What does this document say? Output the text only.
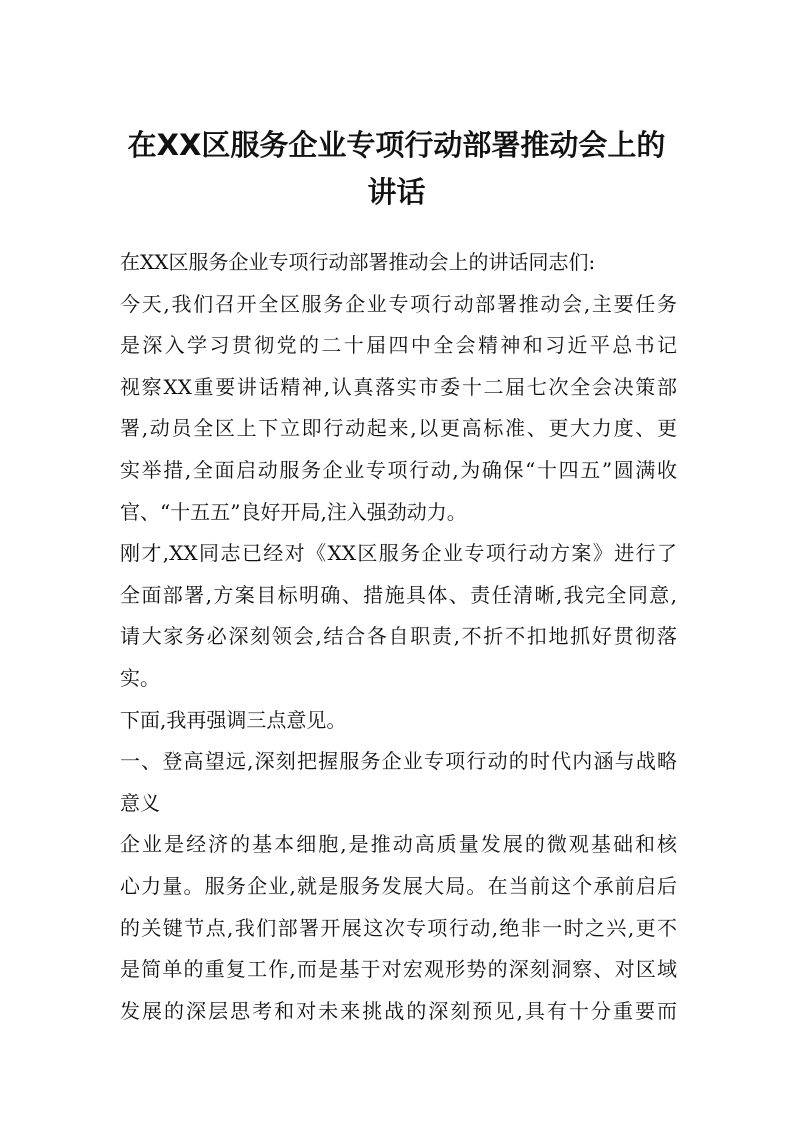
在XX区服务企业专项行动部署推动会上的
讲话
在XX区服务企业专项行动部署推动会上的讲话同志们:
今天,我们召开全区服务企业专项行动部署推动会,主要任务
是深入学习贯彻党的二十届四中全会精神和习近平总书记
视察XX重要讲话精神,认真落实市委十二届七次全会决策部
署,动员全区上下立即行动起来,以更高标准、更大力度、更
实举措,全面启动服务企业专项行动,为确保“十四五”圆满收
官、“十五五”良好开局,注入强劲动力。
刚才,XX同志已经对《XX区服务企业专项行动方案》进行了
全面部署,方案目标明确、措施具体、责任清晰,我完全同意,
请大家务必深刻领会,结合各自职责,不折不扣地抓好贯彻落
实。
下面,我再强调三点意见。
一、登高望远,深刻把握服务企业专项行动的时代内涵与战略
意义
企业是经济的基本细胞,是推动高质量发展的微观基础和核
心力量。服务企业,就是服务发展大局。在当前这个承前启后
的关键节点,我们部署开展这次专项行动,绝非一时之兴,更不
是简单的重复工作,而是基于对宏观形势的深刻洞察、对区域
发展的深层思考和对未来挑战的深刻预见,具有十分重要而
